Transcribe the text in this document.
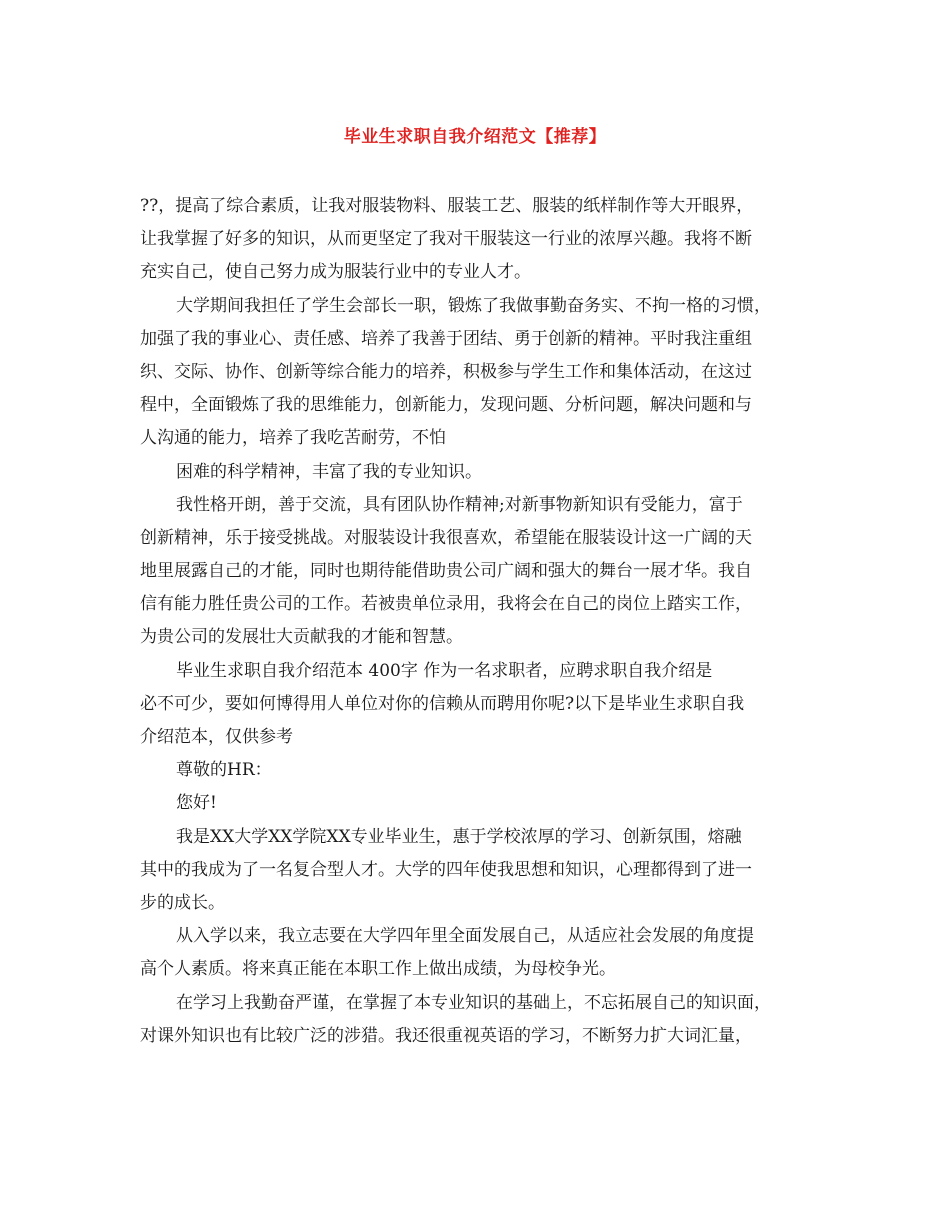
毕业生求职自我介绍范文【推荐】
??，提高了综合素质，让我对服装物料、服装工艺、服装的纸样制作等大开眼界，
让我掌握了好多的知识，从而更坚定了我对干服装这一行业的浓厚兴趣。我将不断
充实自己，使自己努力成为服装行业中的专业人才。
大学期间我担任了学生会部长一职，锻炼了我做事勤奋务实、不拘一格的习惯，
加强了我的事业心、责任感、培养了我善于团结、勇于创新的精神。平时我注重组
织、交际、协作、创新等综合能力的培养，积极参与学生工作和集体活动，在这过
程中，全面锻炼了我的思维能力，创新能力，发现问题、分析问题，解决问题和与
人沟通的能力，培养了我吃苦耐劳，不怕
困难的科学精神，丰富了我的专业知识。
我性格开朗，善于交流，具有团队协作精神;对新事物新知识有受能力，富于
创新精神，乐于接受挑战。对服装设计我很喜欢，希望能在服装设计这一广阔的天
地里展露自己的才能，同时也期待能借助贵公司广阔和强大的舞台一展才华。我自
信有能力胜任贵公司的工作。若被贵单位录用，我将会在自己的岗位上踏实工作，
为贵公司的发展壮大贡献我的才能和智慧。
毕业生求职自我介绍范本 400字 作为一名求职者，应聘求职自我介绍是
必不可少，要如何博得用人单位对你的信赖从而聘用你呢?以下是毕业生求职自我
介绍范本，仅供参考
尊敬的HR：
您好!
我是XX大学XX学院XX专业毕业生，惠于学校浓厚的学习、创新氛围，熔融
其中的我成为了一名复合型人才。大学的四年使我思想和知识，心理都得到了进一
步的成长。
从入学以来，我立志要在大学四年里全面发展自己，从适应社会发展的角度提
高个人素质。将来真正能在本职工作上做出成绩，为母校争光。
在学习上我勤奋严谨，在掌握了本专业知识的基础上，不忘拓展自己的知识面，
对课外知识也有比较广泛的涉猎。我还很重视英语的学习，不断努力扩大词汇量，
